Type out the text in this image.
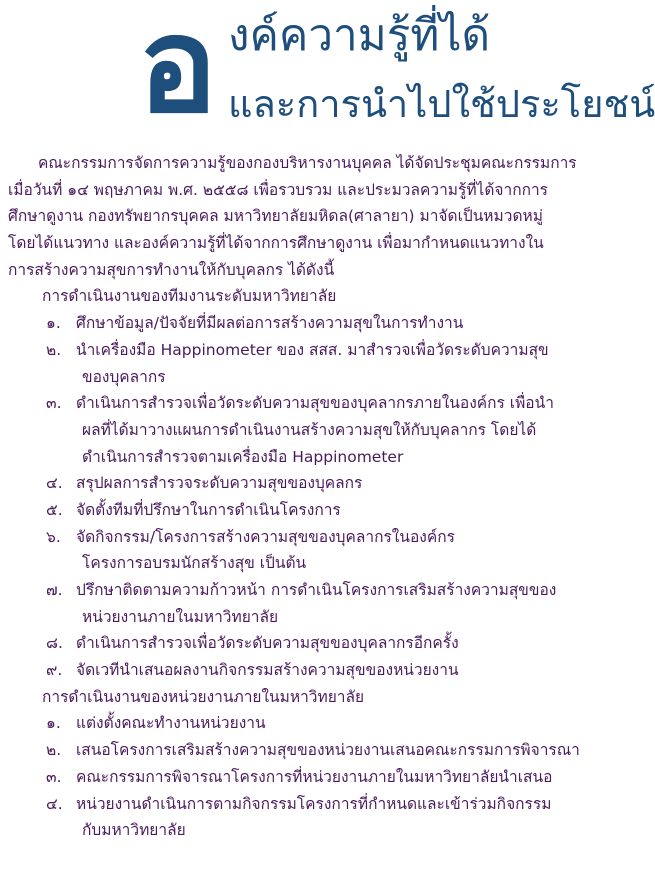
อ งค์ความรู้ที่ได้
และการนำไปใช้ประโยชน์
คณะกรรมการจัดการความรู้ของกองบริหารงานบุคคล ได้จัดประชุมคณะกรรมการ
เมื่อวันที่ ๑๔ พฤษภาคม พ.ศ. ๒๕๕๘ เพื่อรวบรวม และประมวลความรู้ที่ได้จากการ
ศึกษาดูงาน กองทรัพยากรบุคคล มหาวิทยาลัยมหิดล(ศาลายา) มาจัดเป็นหมวดหมู่
โดยได้แนวทาง และองค์ความรู้ที่ได้จากการศึกษาดูงาน เพื่อมากำหนดแนวทางใน
การสร้างความสุขการทำงานให้กับบุคลกร ได้ดังนี้
การดำเนินงานของทีมงานระดับมหาวิทยาลัย
๑. ศึกษาข้อมูล/ปัจจัยที่มีผลต่อการสร้างความสุขในการทำงาน
๒. นำเครื่องมือ Happinometer ของ สสส. มาสำรวจเพื่อวัดระดับความสุข
ของบุคลากร
๓. ดำเนินการสำรวจเพื่อวัดระดับความสุขของบุคลากรภายในองค์กร เพื่อนำ
ผลที่ได้มาวางแผนการดำเนินงานสร้างความสุขให้กับบุคลากร โดยได้
ดำเนินการสำรวจตามเครื่องมือ Happinometer
๔. สรุปผลการสำรวจระดับความสุขของบุคลกร
๕. จัดตั้งทีมที่ปรึกษาในการดำเนินโครงการ
๖. จัดกิจกรรม/โครงการสร้างความสุขของบุคลากรในองค์กร
โครงการอบรมนักสร้างสุข เป็นต้น
๗. ปรึกษาติดตามความก้าวหน้า การดำเนินโครงการเสริมสร้างความสุขของ
หน่วยงานภายในมหาวิทยาลัย
๘. ดำเนินการสำรวจเพื่อวัดระดับความสุขของบุคลากรอีกครั้ง
๙. จัดเวทีนำเสนอผลงานกิจกรรมสร้างความสุขของหน่วยงาน
การดำเนินงานของหน่วยงานภายในมหาวิทยาลัย
๑. แต่งตั้งคณะทำงานหน่วยงาน
๒. เสนอโครงการเสริมสร้างความสุขของหน่วยงานเสนอคณะกรรมการพิจารณา
๓. คณะกรรมการพิจารณาโครงการที่หน่วยงานภายในมหาวิทยาลัยนำเสนอ
๔. หน่วยงานดำเนินการตามกิจกรรมโครงการที่กำหนดและเข้าร่วมกิจกรรม
กับมหาวิทยาลัย
